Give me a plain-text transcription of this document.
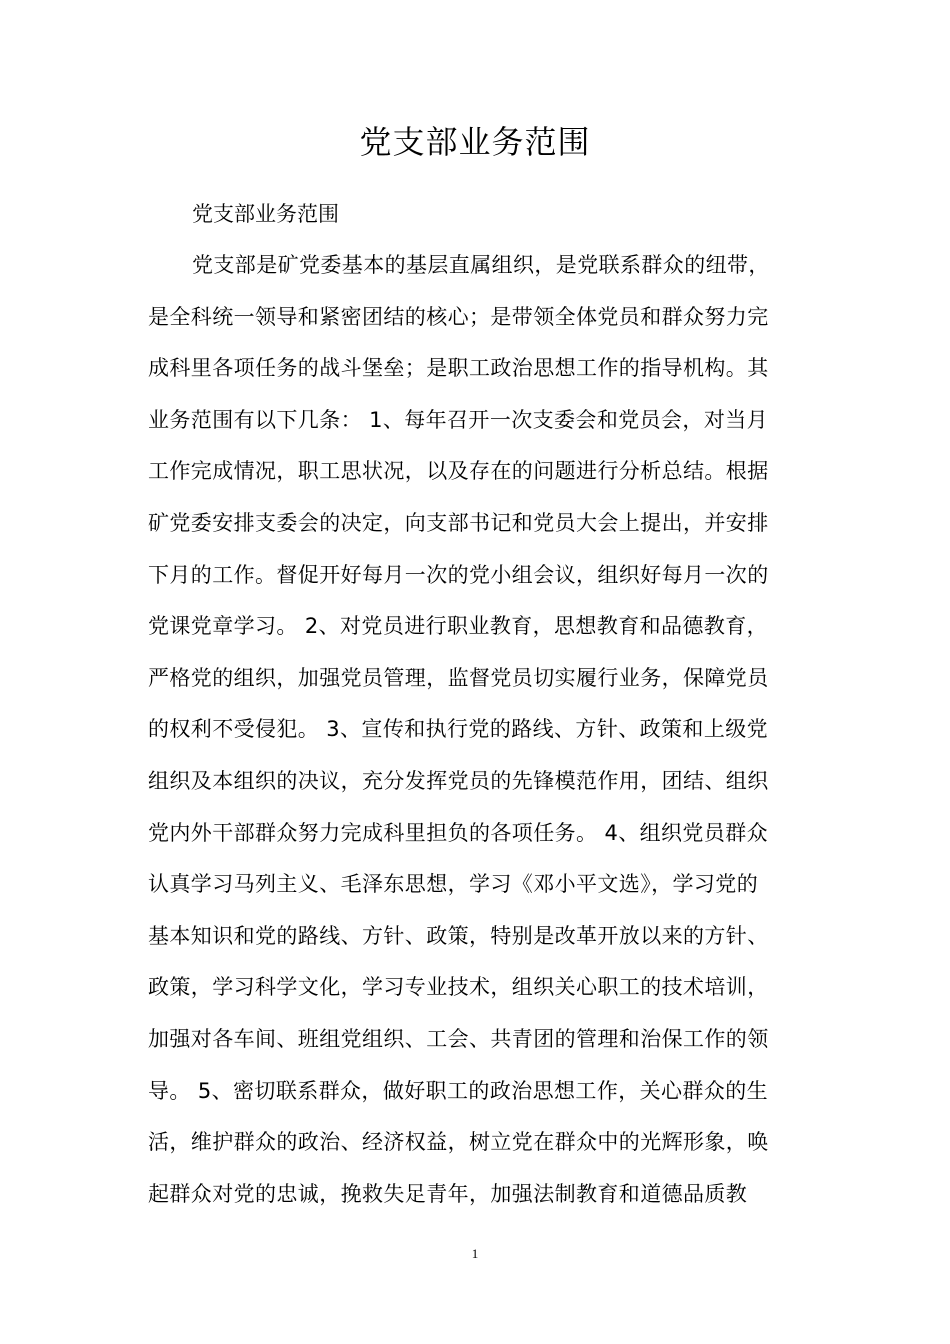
党支部业务范围
党支部业务范围
党支部是矿党委基本的基层直属组织，是党联系群众的纽带，
是全科统一领导和紧密团结的核心；是带领全体党员和群众努力完
成科里各项任务的战斗堡垒；是职工政治思想工作的指导机构。其
业务范围有以下几条： 1、每年召开一次支委会和党员会，对当月
工作完成情况，职工思状况，以及存在的问题进行分析总结。根据
矿党委安排支委会的决定，向支部书记和党员大会上提出，并安排
下月的工作。督促开好每月一次的党小组会议，组织好每月一次的
党课党章学习。 2、对党员进行职业教育，思想教育和品德教育，
严格党的组织，加强党员管理，监督党员切实履行业务，保障党员
的权利不受侵犯。 3、宣传和执行党的路线、方针、政策和上级党
组织及本组织的决议，充分发挥党员的先锋模范作用，团结、组织
党内外干部群众努力完成科里担负的各项任务。 4、组织党员群众
认真学习马列主义、毛泽东思想，学习《邓小平文选》，学习党的
基本知识和党的路线、方针、政策，特别是改革开放以来的方针、
政策，学习科学文化，学习专业技术，组织关心职工的技术培训，
加强对各车间、班组党组织、工会、共青团的管理和治保工作的领
导。 5、密切联系群众，做好职工的政治思想工作，关心群众的生
活，维护群众的政治、经济权益，树立党在群众中的光辉形象，唤
起群众对党的忠诚，挽救失足青年，加强法制教育和道德品质教
1
